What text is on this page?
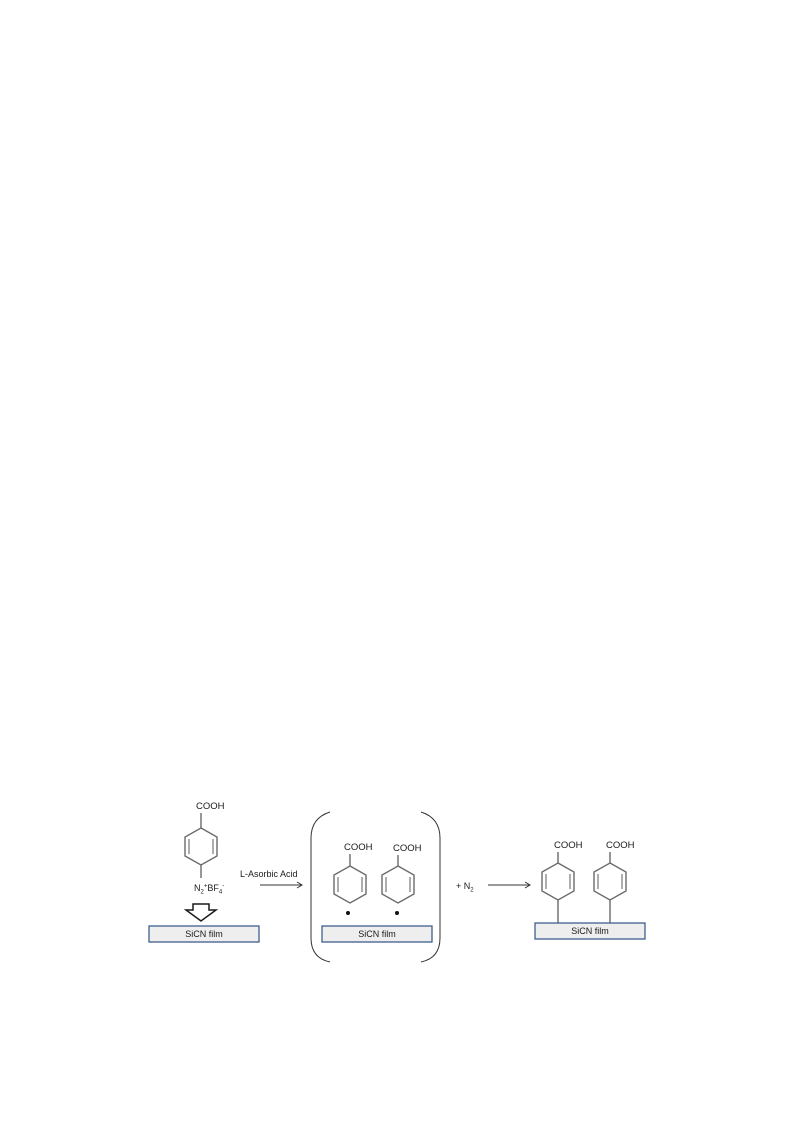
COOH
$N_2^+BF_4^-$
SiCN film
L-Asorbic Acid
COOH COOH
SiCN film
+ $N_2$
COOH COOH
SiCN film
